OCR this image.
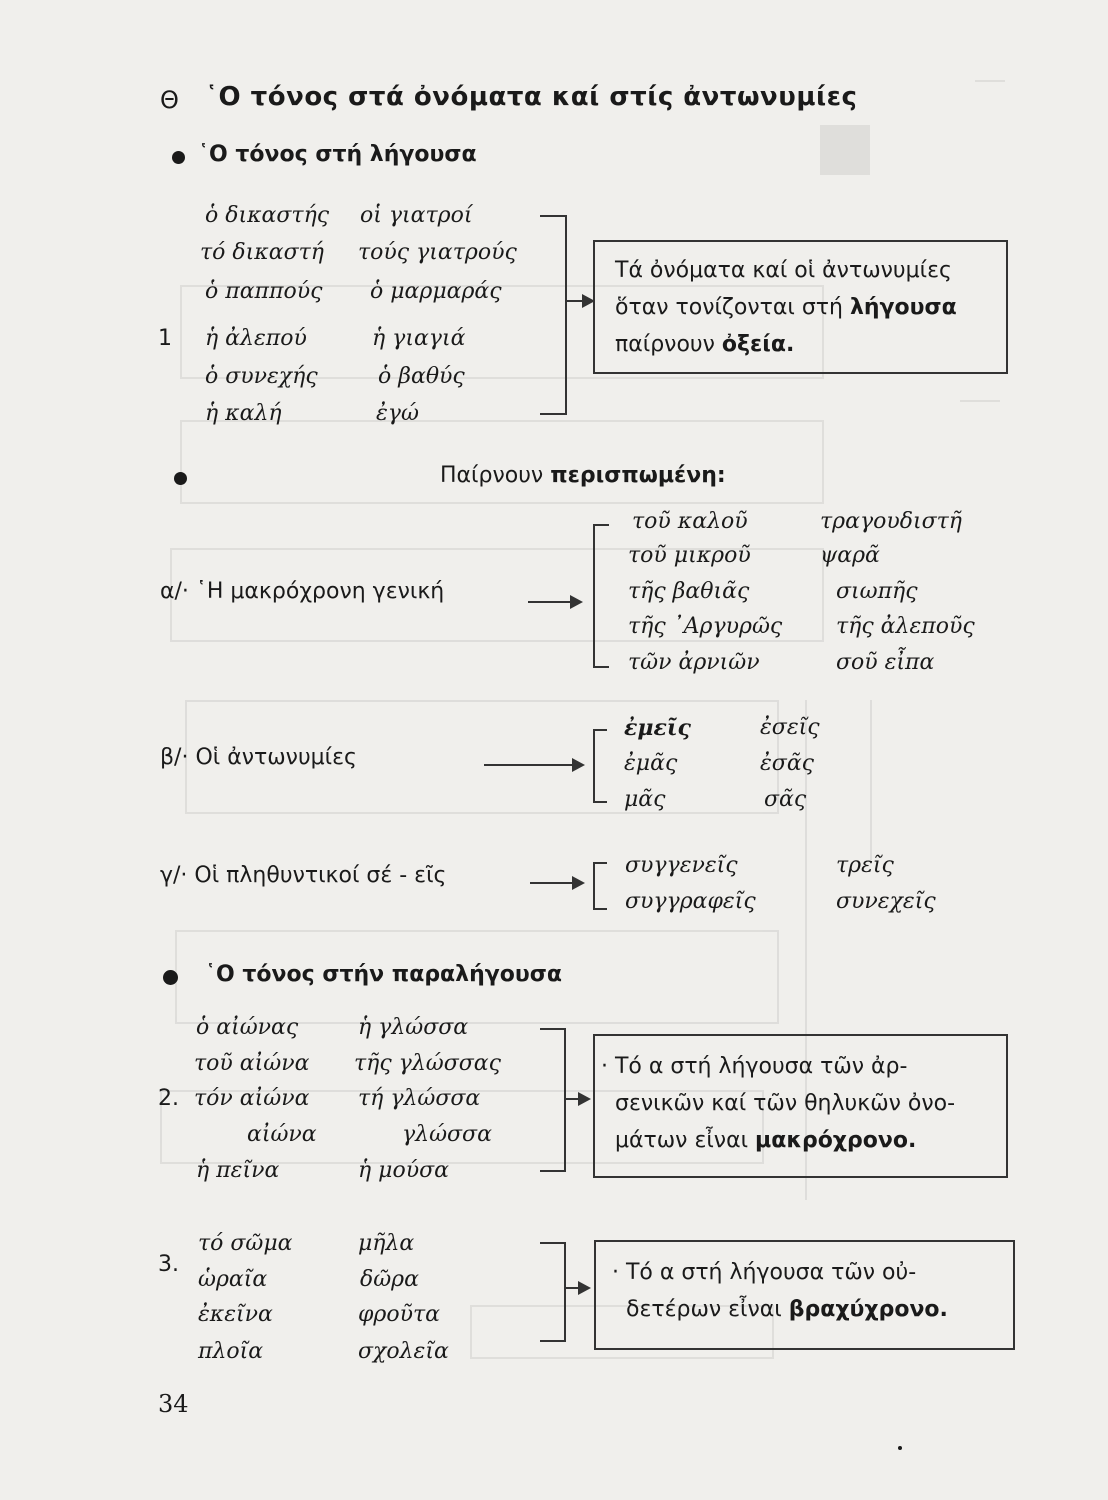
Θ ῾Ο τόνος στά ὀνόματα καί στίς ἀντωνυμίες
῾Ο τόνος στή λήγουσα
1
ὁ δικαστής
τό δικαστή
ὁ παππούς
ἡ ἀλεπού
ὁ συνεχής
ἡ καλή
οἱ γιατροί
τούς γιατρούς
ὁ μαρμαράς
ἡ γιαγιά
ὁ βαθύς
ἐγώ
Τά ὀνόματα καί οἱ ἀντωνυμίες
ὅταν τονίζονται στή λήγουσα
παίρνουν ὀξεία.
Παίρνουν περισπωμένη:
α/· ῾Η μακρόχρονη γενική
τοῦ καλοῦ
τοῦ μικροῦ
τῆς βαθιᾶς
τῆς ᾿Αργυρῶς
τῶν ἀρνιῶν
τραγουδιστῆ
ψαρᾶ
σιωπῆς
τῆς ἀλεποῦς
σοῦ εἶπα
β/· Οἱ ἀντωνυμίες
ἐμεῖς
ἐμᾶς
μᾶς
ἐσεῖς
ἐσᾶς
σᾶς
γ/· Οἱ πληθυντικοί σέ - εῖς	συγγενεῖς
συγγραφεῖς
τρεῖς
συνεχεῖς
῾Ο τόνος στήν παραλήγουσα
2.
ὁ αἰώνας
τοῦ αἰώνα
τόν αἰώνα
αἰώνα
ἡ πεῖνα
ἡ γλώσσα
τῆς γλώσσας
τή γλώσσα
γλώσσα
ἡ μούσα
· Τό α στή λήγουσα τῶν ἀρ-
σενικῶν καί τῶν θηλυκῶν ὀνο-
μάτων εἶναι μακρόχρονο.
3.
τό σῶμα
ὡραῖα
ἐκεῖνα
πλοῖα
μῆλα
δῶρα
φροῦτα
σχολεῖα
· Τό α στή λήγουσα τῶν οὐ-
δετέρων εἶναι βραχύχρονο.
34
